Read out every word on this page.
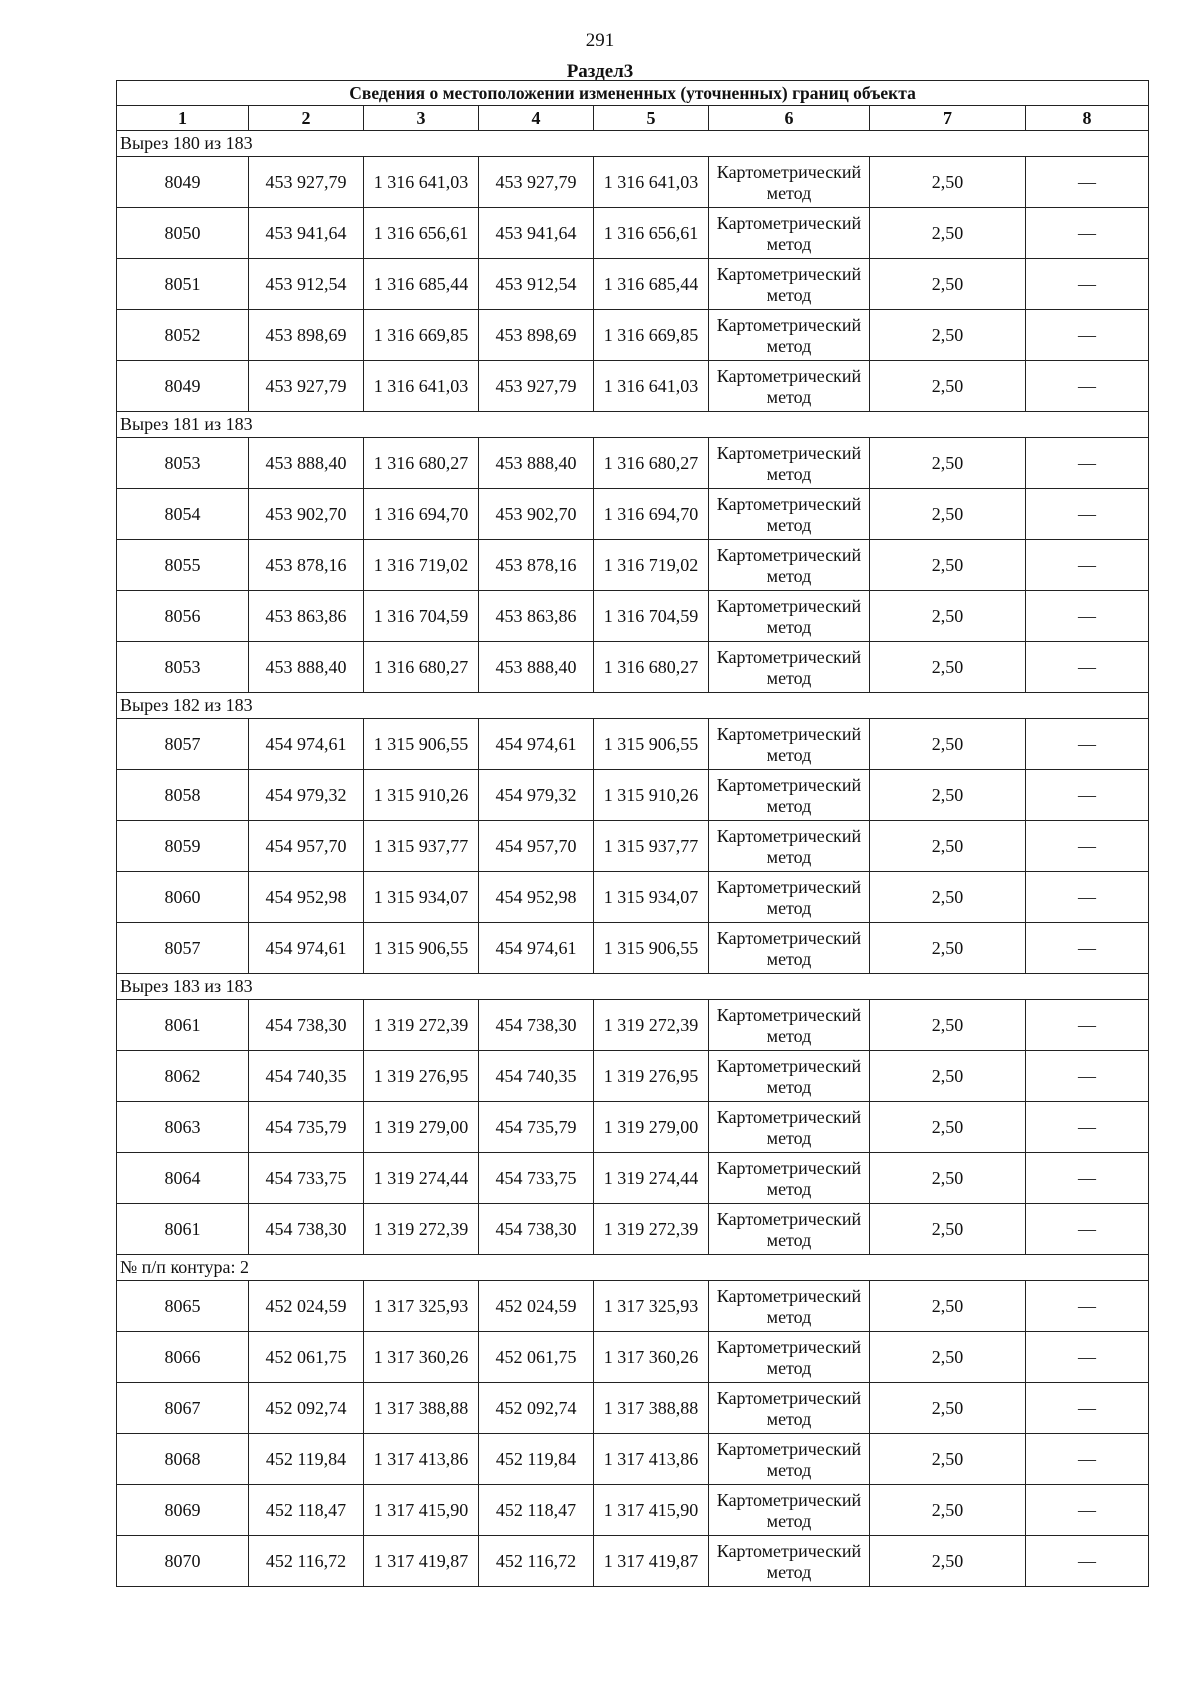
291
Раздел3
Сведения о местоположении измененных (уточненных) границ объекта							
1	2	3	4	5	6	7	8
Вырез 180 из 183							
8049	453 927,79	1 316 641,03	453 927,79	1 316 641,03	Картометрический метод	2,50	—
8050	453 941,64	1 316 656,61	453 941,64	1 316 656,61	Картометрический метод	2,50	—
8051	453 912,54	1 316 685,44	453 912,54	1 316 685,44	Картометрический метод	2,50	—
8052	453 898,69	1 316 669,85	453 898,69	1 316 669,85	Картометрический метод	2,50	—
8049	453 927,79	1 316 641,03	453 927,79	1 316 641,03	Картометрический метод	2,50	—
Вырез 181 из 183							
8053	453 888,40	1 316 680,27	453 888,40	1 316 680,27	Картометрический метод	2,50	—
8054	453 902,70	1 316 694,70	453 902,70	1 316 694,70	Картометрический метод	2,50	—
8055	453 878,16	1 316 719,02	453 878,16	1 316 719,02	Картометрический метод	2,50	—
8056	453 863,86	1 316 704,59	453 863,86	1 316 704,59	Картометрический метод	2,50	—
8053	453 888,40	1 316 680,27	453 888,40	1 316 680,27	Картометрический метод	2,50	—
Вырез 182 из 183							
8057	454 974,61	1 315 906,55	454 974,61	1 315 906,55	Картометрический метод	2,50	—
8058	454 979,32	1 315 910,26	454 979,32	1 315 910,26	Картометрический метод	2,50	—
8059	454 957,70	1 315 937,77	454 957,70	1 315 937,77	Картометрический метод	2,50	—
8060	454 952,98	1 315 934,07	454 952,98	1 315 934,07	Картометрический метод	2,50	—
8057	454 974,61	1 315 906,55	454 974,61	1 315 906,55	Картометрический метод	2,50	—
Вырез 183 из 183							
8061	454 738,30	1 319 272,39	454 738,30	1 319 272,39	Картометрический метод	2,50	—
8062	454 740,35	1 319 276,95	454 740,35	1 319 276,95	Картометрический метод	2,50	—
8063	454 735,79	1 319 279,00	454 735,79	1 319 279,00	Картометрический метод	2,50	—
8064	454 733,75	1 319 274,44	454 733,75	1 319 274,44	Картометрический метод	2,50	—
8061	454 738,30	1 319 272,39	454 738,30	1 319 272,39	Картометрический метод	2,50	—
№ п/п контура: 2							
8065	452 024,59	1 317 325,93	452 024,59	1 317 325,93	Картометрический метод	2,50	—
8066	452 061,75	1 317 360,26	452 061,75	1 317 360,26	Картометрический метод	2,50	—
8067	452 092,74	1 317 388,88	452 092,74	1 317 388,88	Картометрический метод	2,50	—
8068	452 119,84	1 317 413,86	452 119,84	1 317 413,86	Картометрический метод	2,50	—
8069	452 118,47	1 317 415,90	452 118,47	1 317 415,90	Картометрический метод	2,50	—
8070	452 116,72	1 317 419,87	452 116,72	1 317 419,87	Картометрический метод	2,50	—
